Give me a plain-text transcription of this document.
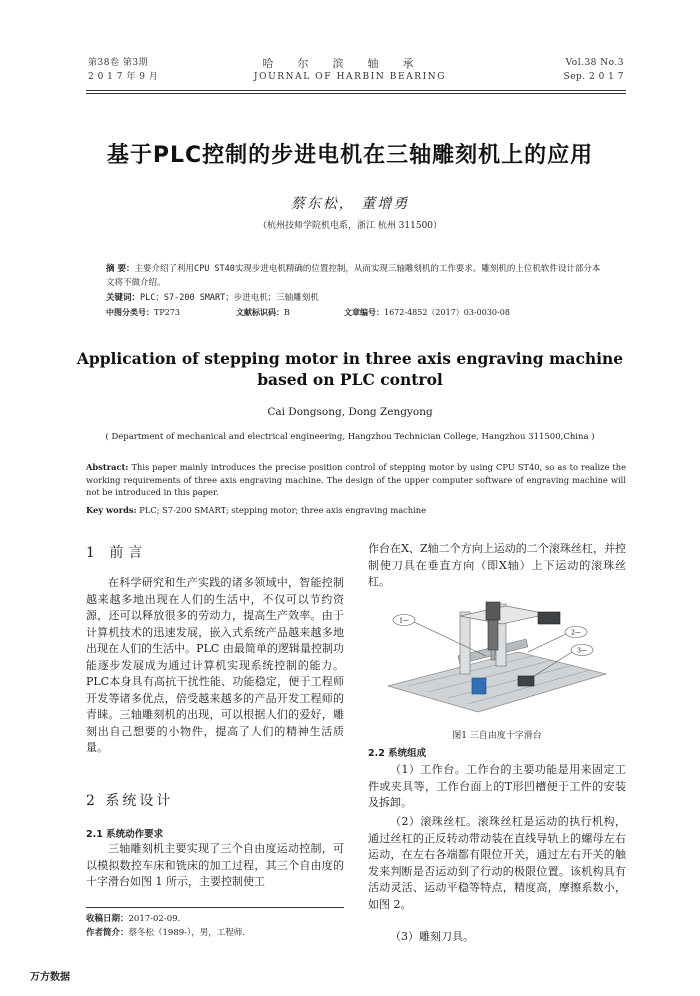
第38卷 第3期
2 0 1 7 年 9 月
哈尔滨轴承
JOURNAL OF HARBIN BEARING
Vol.38 No.3
Sep. 2 0 1 7
基于PLC控制的步进电机在三轴雕刻机上的应用
蔡东松， 董增勇
（杭州技师学院机电系，浙江 杭州 311500）
摘 要：主要介绍了利用CPU ST40实现步进电机精确的位置控制，从而实现三轴雕刻机的工作要求。雕刻机的上位机软件设计部分本文将不做介绍。
关键词：PLC；S7-200 SMART；步进电机；三轴雕刻机
中图分类号：TP273	文献标识码：B	文章编号：1672-4852（2017）03-0030-08
Application of stepping motor in three axis engraving machine based on PLC control
Cai Dongsong, Dong Zengyong
( Department of mechanical and electrical engineering, Hangzhou Technician College, Hangzhou 311500,China )
Abstract: This paper mainly introduces the precise position control of stepping motor by using CPU ST40, so as to realize the working requirements of three axis engraving machine. The design of the upper computer software of engraving machine will not be introduced in this paper.
Key words: PLC; S7-200 SMART; stepping motor; three axis engraving machine
1 前言
在科学研究和生产实践的诸多领域中，智能控制越来越多地出现在人们的生活中，不仅可以节约资源，还可以释放很多的劳动力，提高生产效率。由于计算机技术的迅速发展，嵌入式系统产品越来越多地出现在人们的生活中。PLC 由最简单的逻辑量控制功能逐步发展成为通过计算机实现系统控制的能力。PLC本身具有高抗干扰性能、功能稳定，便于工程师开发等诸多优点，倍受越来越多的产品开发工程师的青睐。三轴雕刻机的出现，可以根据人们的爱好，雕刻出自己想要的小物件，提高了人们的精神生活质量。
2 系统设计
2.1 系统动作要求
三轴雕刻机主要实现了三个自由度运动控制，可以模拟数控车床和铣床的加工过程，其三个自由度的十字滑台如图 1 所示，主要控制使工
收稿日期：2017-02-09.
作者简介：蔡冬松（1989-），男，工程师.
万方数据
作台在X、Z轴二个方向上运动的二个滚珠丝杠，并控制使刀具在垂直方向（即X轴）上下运动的滚珠丝杠。
1—
2—
3—
图1 三自由度十字滑台
2.2 系统组成
（1）工作台。工作台的主要功能是用来固定工件或夹具等，工作台面上的T形凹槽便于工件的安装及拆卸。
（2）滚珠丝杠。滚珠丝杠是运动的执行机构，通过丝杠的正反转动带动装在直线导轨上的螺母左右运动，在左右各端都有限位开关，通过左右开关的触发来判断是否运动到了行动的极限位置。该机构具有活动灵活、运动平稳等特点，精度高，摩擦系数小，如图 2。
（3）雕刻刀具。
